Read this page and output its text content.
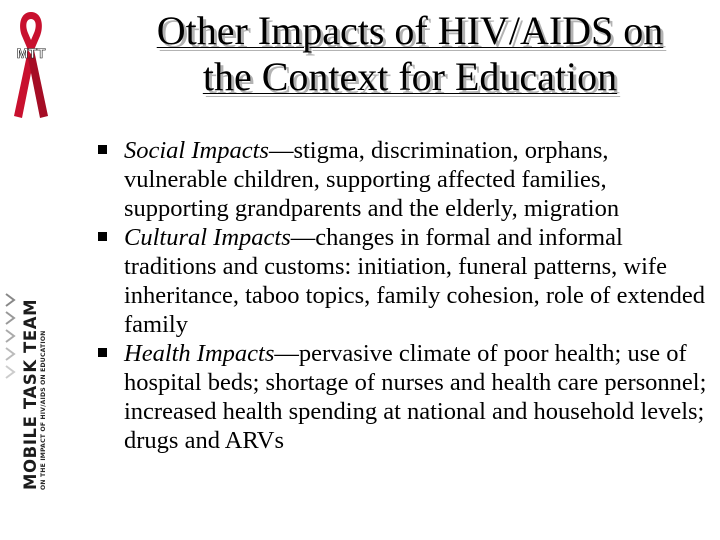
MTT
MOBILE TASK TEAM ON THE IMPACT OF HIV/AIDS ON EDUCATION
Other Impacts of HIV/AIDS on
the Context for Education
Social Impacts—stigma, discrimination, orphans, vulnerable children, supporting affected families, supporting grandparents and the elderly, migration
Cultural Impacts—changes in formal and informal traditions and customs: initiation, funeral patterns, wife inheritance, taboo topics, family cohesion, role of extended family
Health Impacts—pervasive climate of poor health; use of hospital beds; shortage of nurses and health care personnel; increased health spending at national and household levels; drugs and ARVs
